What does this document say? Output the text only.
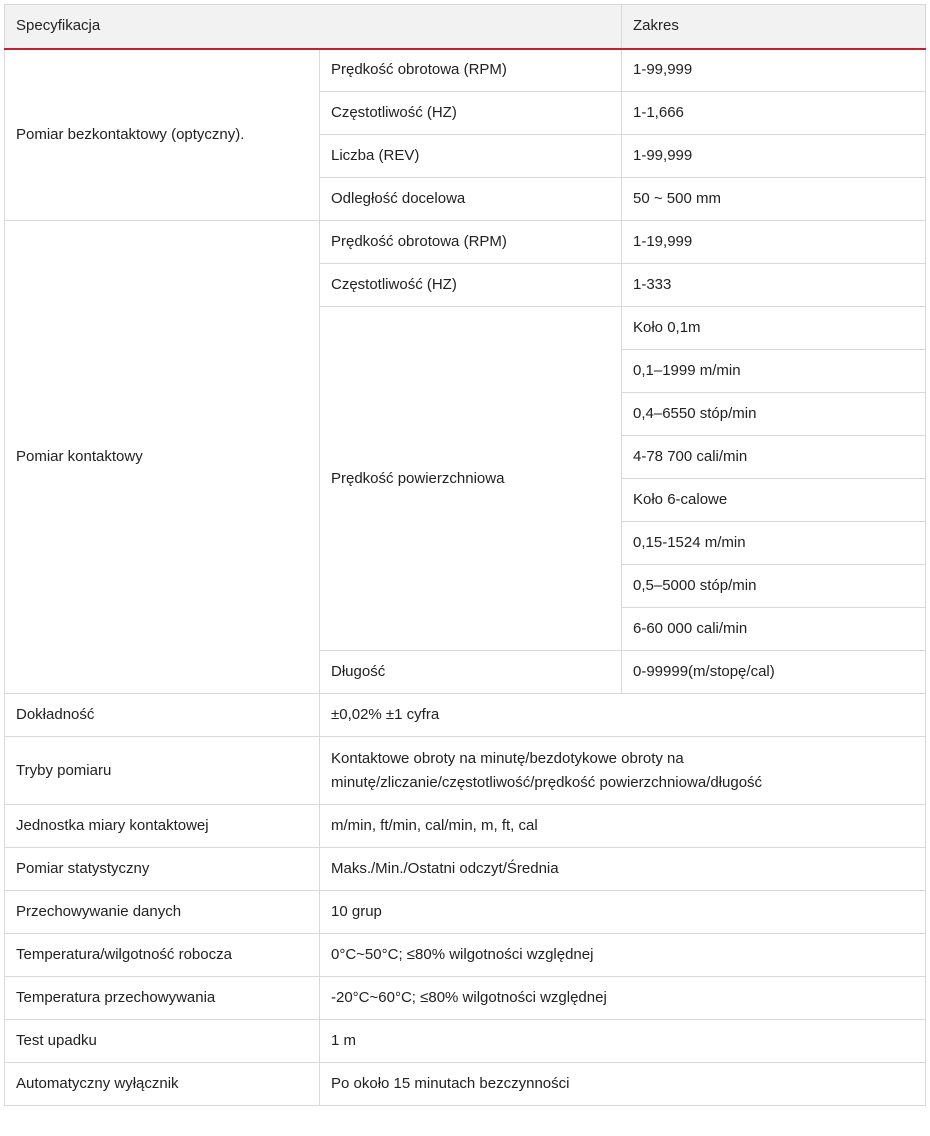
Specyfikacja		Zakres
Pomiar bezkontaktowy (optyczny).	Prędkość obrotowa (RPM)	1-99,999
	Częstotliwość (HZ)	1-1,666
	Liczba (REV)	1-99,999
	Odległość docelowa	50 ~ 500 mm
Pomiar kontaktowy	Prędkość obrotowa (RPM)	1-19,999
	Częstotliwość (HZ)	1-333
	Prędkość powierzchniowa	Koło 0,1m
		0,1–1999 m/min
		0,4–6550 stóp/min
		4-78 700 cali/min
		Koło 6-calowe
		0,15-1524 m/min
		0,5–5000 stóp/min
		6-60 000 cali/min
	Długość	0-99999(m/stopę/cal)
Dokładność	±0,02% ±1 cyfra	
Tryby pomiaru	Kontaktowe obroty na minutę/bezdotykowe obroty na minutę/zliczanie/częstotliwość/prędkość powierzchniowa/długość	
Jednostka miary kontaktowej	m/min, ft/min, cal/min, m, ft, cal	
Pomiar statystyczny	Maks./Min./Ostatni odczyt/Średnia	
Przechowywanie danych	10 grup	
Temperatura/wilgotność robocza	0°C~50°C; ≤80% wilgotności względnej	
Temperatura przechowywania	-20°C~60°C; ≤80% wilgotności względnej	
Test upadku	1 m	
Automatyczny wyłącznik	Po około 15 minutach bezczynności	
